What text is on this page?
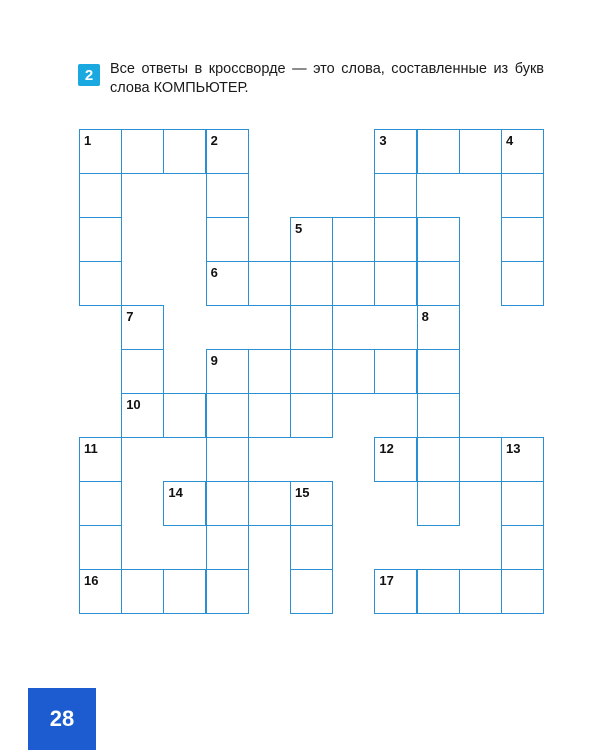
2	Все ответы в кроссворде — это слова, составленные из букв слова КОМПЬЮТЕР.
1	2	3	4
5
6
7	8
9
10
11	12	13
14	15
16	17
28
